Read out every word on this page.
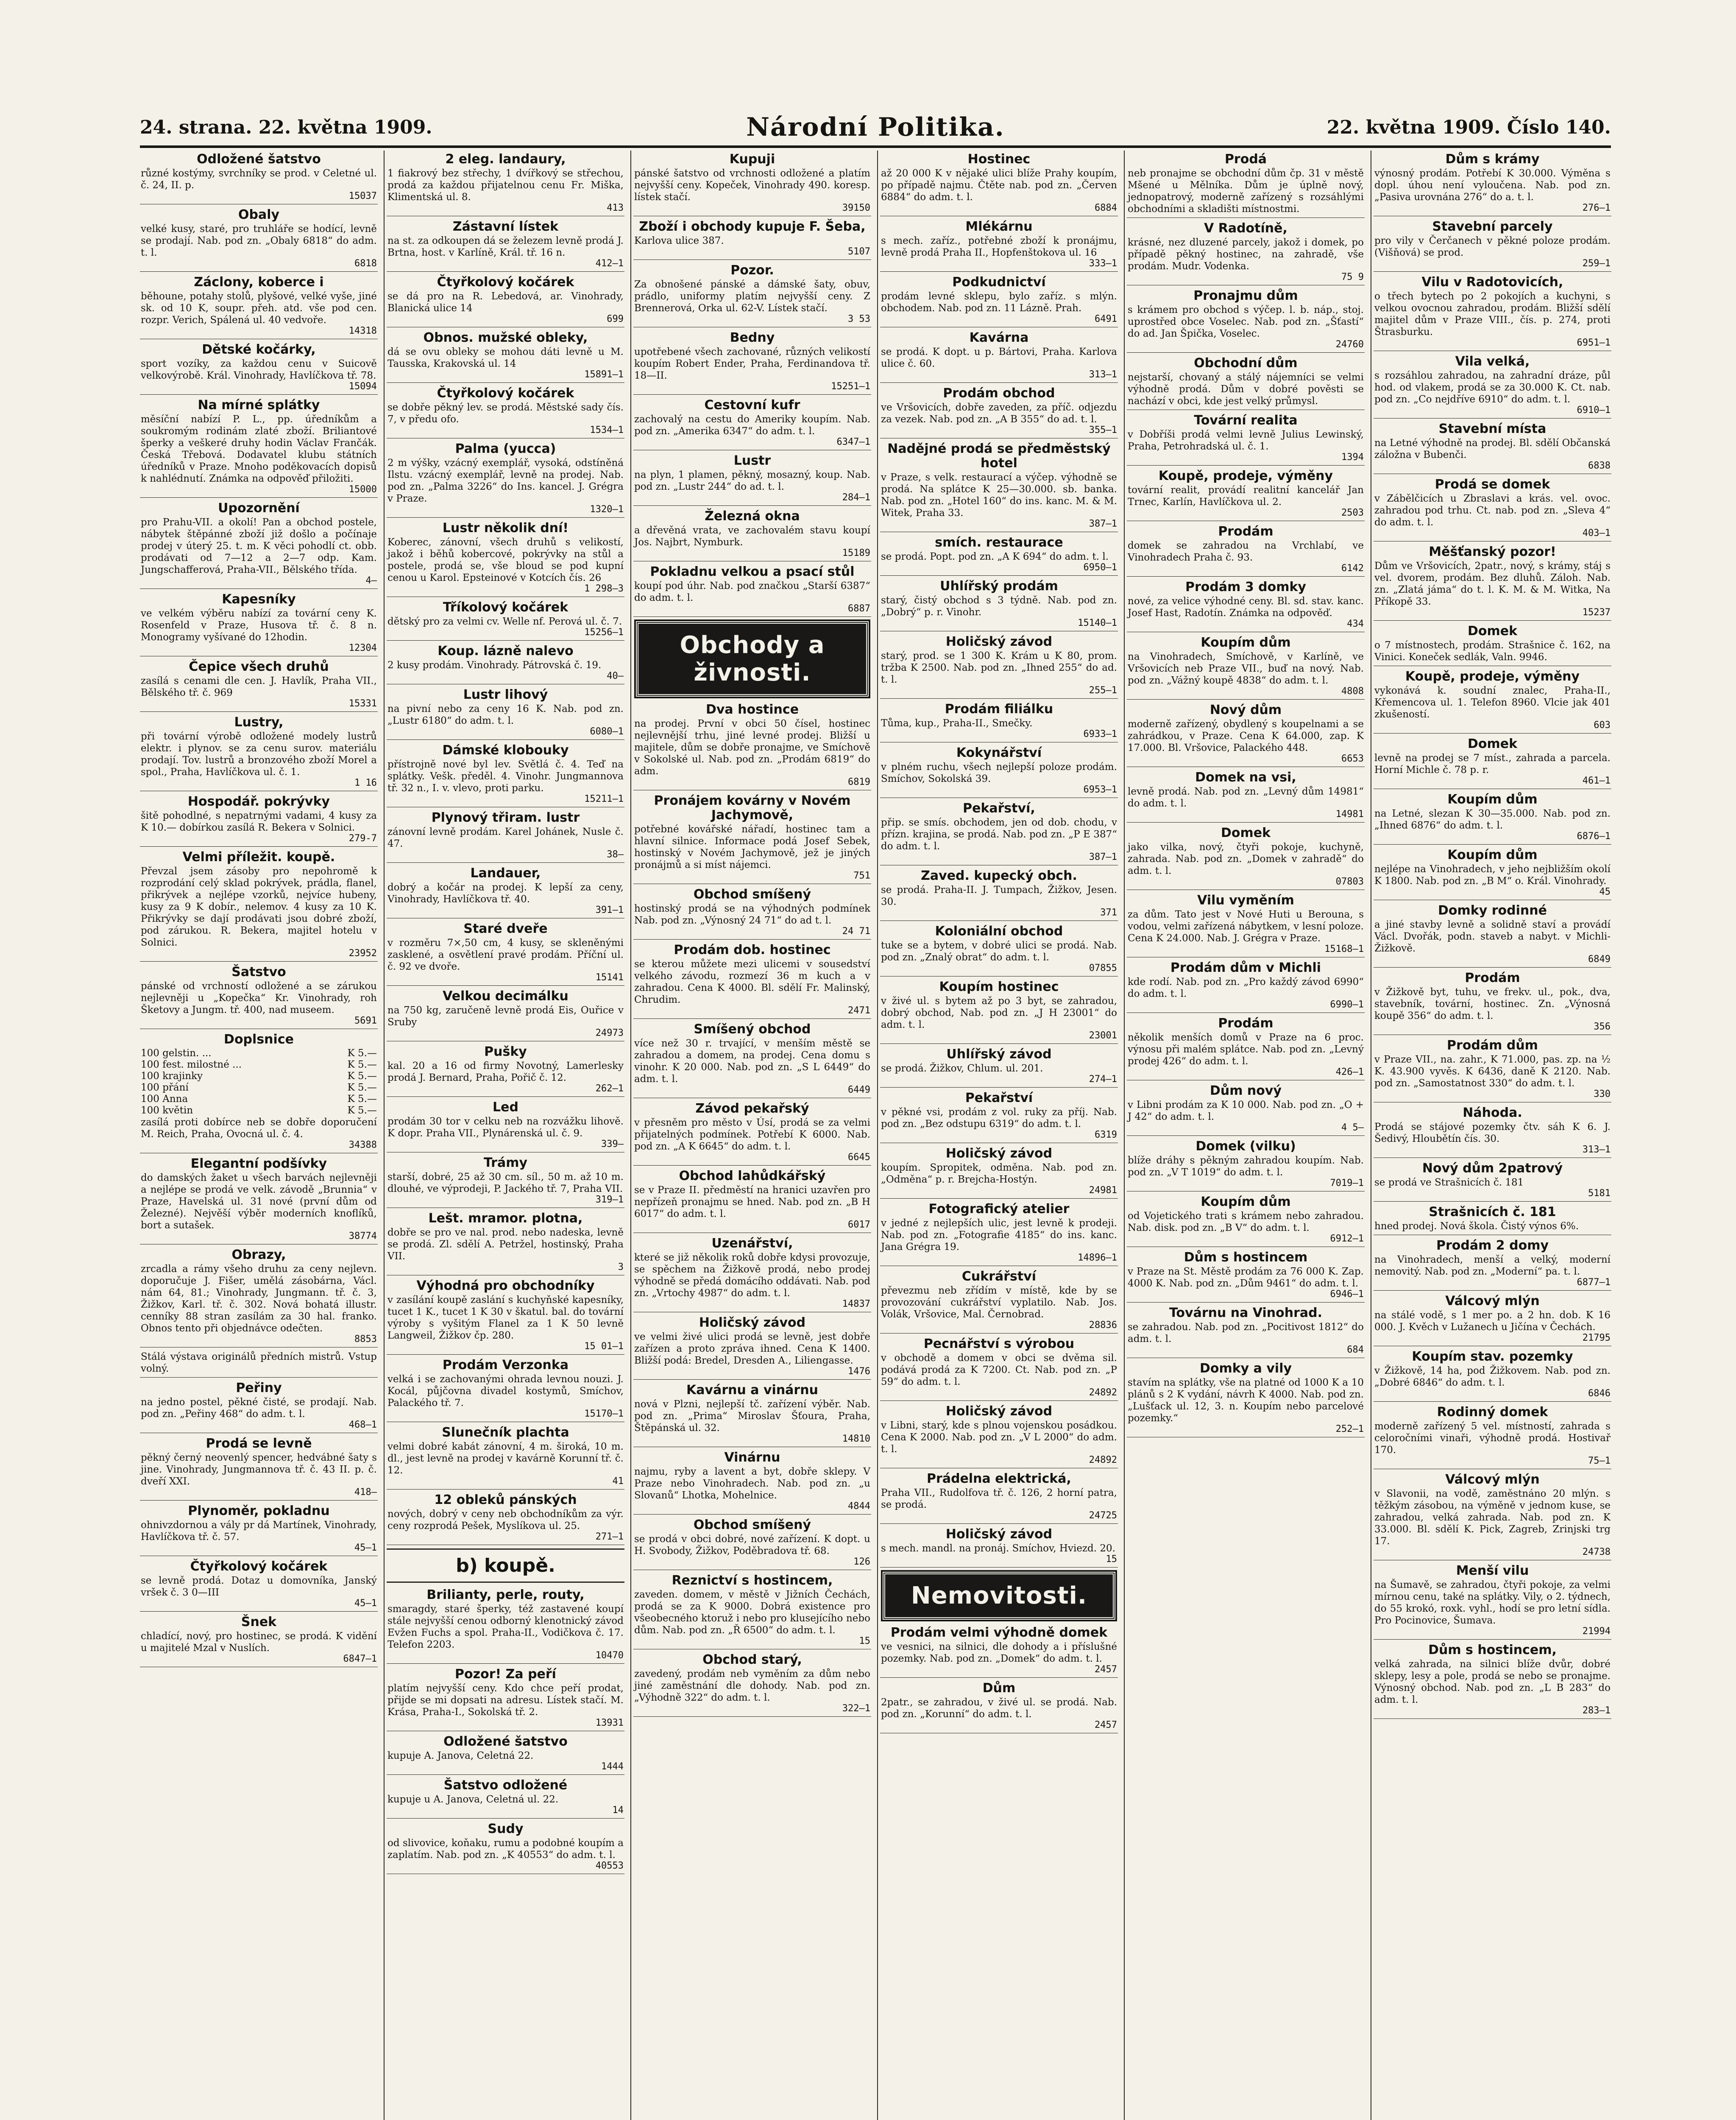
24. strana. 22. května 1909.	Národní Politika.	22. května 1909. Číslo 140.
Odložené šatstvo
různé kostýmy, svrchníky se prod. v Celetné ul. č. 24, II. p.
15037
Obaly
velké kusy, staré, pro truhláře se hodící, levně se prodají. Nab. pod zn. „Obaly 6818“ do adm. t. l.
6818
Záclony, koberce i
běhoune, potahy stolů, plyšové, velké vyše, jiné sk. od 10 K, soupr. přeh. atd. vše pod cen. rozpr. Verich, Spálená ul. 40 vedvoře.
14318
Dětské kočárky,
sport vozíky, za každou cenu v Suicově velkovýrobě. Král. Vinohrady, Havlíčkova tř. 78.
15094
Na mírné splátky
měsíční nabízí P. L., pp. úředníkům a soukromým rodinám zlaté zboží. Briliantové šperky a veškeré druhy hodin Václav Frančák. Česká Třebová. Dodavatel klubu státních úředníků v Praze. Mnoho poděkovacích dopisů k nahlédnutí. Známka na odpověď přiložiti.
15000
Upozornění
pro Prahu-VII. a okolí! Pan a obchod postele, nábytek štěpánné zboží již došlo a počínaje prodej v úterý 25. t. m. K věci pohodlí ct. obb. prodávati od 7—12 a 2—7 odp. Kam. Jungschafferová, Praha-VII., Bělského třída.
4—
Kapesníky
ve velkém výběru nabízí za tovární ceny K. Rosenfeld v Praze, Husova tř. č. 8 n. Monogramy vyšívané do 12hodin.
12304
Čepice všech druhů
zasílá s cenami dle cen. J. Havlík, Praha VII., Bělského tř. č. 969
15331
Lustry,
při tovární výrobě odložené modely lustrů elektr. i plynov. se za cenu surov. materiálu prodají. Tov. lustrů a bronzového zboží Morel a spol., Praha, Havlíčkova ul. č. 1.
1 16
Hospodář. pokrývky
šitě pohodlné, s nepatrnými vadami, 4 kusy za K 10.— dobírkou zasílá R. Bekera v Solnici.
279-7
Velmi příležit. koupě.
Převzal jsem zásoby pro nepohromě k rozprodání celý sklad pokrývek, prádla, flanel, přikrývek a nejlépe vzorků, nejvíce hubeny, kusy za 9 K dobír., nelemov. 4 kusy za 10 K. Přikrývky se dají prodávati jsou dobré zboží, pod zárukou. R. Bekera, majitel hotelu v Solnici.
23952
Šatstvo
pánské od vrchností odložené a se zárukou nejlevněji u „Kopečka“ Kr. Vinohrady, roh Šketovy a Jungm. tř. 400, nad museem.
5691
Doplsnice
100 gelstin. ...	K 5.—
100 fest. milostné ...	K 5.—
100 krajinky	K 5.—
100 přání	K 5.—
100 Anna	K 5.—
100 květin	K 5.—
zasílá proti dobírce neb se dobře doporučení M. Reich, Praha, Ovocná ul. č. 4.
34388
Elegantní podšívky
do damských žaket u všech barvách nejlevněji a nejlépe se prodá ve velk. závodě „Brunnia“ v Praze, Havelská ul. 31 nové (první dům od Železné). Nejvěší výběr moderních knoflíků, bort a sutašek.
38774
Obrazy,
zrcadla a rámy všeho druhu za ceny nejlevn. doporučuje J. Fišer, umělá zásobárna, Václ. nám 64, 81.; Vinohrady, Jungmann. tř. č. 3, Žižkov, Karl. tř. č. 302. Nová bohatá illustr. cenníky 88 stran zasílám za 30 hal. franko. Obnos tento při objednávce odečten.
8853
Stálá výstava originálů předních mistrů. Vstup volný.
Peřiny
na jedno postel, pěkné čisté, se prodají. Nab. pod zn. „Peřiny 468“ do adm. t. l.
468—1
Prodá se levně
pěkný černý neovenlý spencer, hedvábné šaty s jine. Vinohrady, Jungmannova tř. č. 43 II. p. č. dveří XXI.
418—
Plynoměr, pokladnu
ohnivzdornou a vály pr dá Martínek, Vinohrady, Havlíčkova tř. č. 57.
45—1
Čtyřkolový kočárek
se levně prodá. Dotaz u domovníka, Janský vršek č. 3 0—III
45—1
Šnek
chladící, nový, pro hostinec, se prodá. K vidění u majitelé Mzal v Nuslích.
6847—1
2 eleg. landaury,
1 fiakrový bez střechy, 1 dvířkový se střechou, prodá za každou přijatelnou cenu Fr. Miška, Klimentská ul. 8.
413
Zástavní lístek
na st. za odkoupen dá se železem levně prodá J. Brtna, host. v Karlíně, Král. tř. 16 n.
412—1
Čtyřkolový kočárek
se dá pro na R. Lebedová, ar. Vinohrady, Blanická ulice 14
699
Obnos. mužské obleky,
dá se ovu obleky se mohou dáti levně u M. Tausska, Krakovská ul. 14
15891—1
Čtyřkolový kočárek
se dobře pěkný lev. se prodá. Městské sady čís. 7, v předu ofo.
1534—1
Palma (yucca)
2 m výšky, vzácný exemplář, vysoká, odstíněná Ilstu. vzácný exemplář, levně na prodej. Nab. pod zn. „Palma 3226“ do Ins. kancel. J. Grégra v Praze.
1320—1
Lustr několik dní!
Koberec, zánovní, všech druhů s velikostí, jakož i běhů kobercové, pokrývky na stůl a postele, prodá se, vše bloud se pod kupní cenou u Karol. Epsteinové v Kotcích čís. 26
1 298—3
Tříkolový kočárek
dětský pro za velmi cv. Welle nf. Perová ul. č. 7.
15256—1
Koup. lázně nalevo
2 kusy prodám. Vinohrady. Pátrovská č. 19.
40—
Lustr lihový
na pivní nebo za ceny 16 K. Nab. pod zn. „Lustr 6180“ do adm. t. l.
6080—1
Dámské klobouky
přístrojně nové byl lev. Světlá č. 4. Teď na splátky. Vešk. předěl. 4. Vinohr. Jungmannova tř. 32 n., I. v. vlevo, proti parku.
15211—1
Plynový třiram. lustr
zánovní levně prodám. Karel Johánek, Nusle č. 47.
38—
Landauer,
dobrý a kočár na prodej. K lepší za ceny, Vinohrady, Havlíčkova tř. 40.
391—1
Staré dveře
v rozměru 7×,50 cm, 4 kusy, se skleněnými zasklené, a osvětlení pravé prodám. Příční ul. č. 92 ve dvoře.
15141
Velkou decimálku
na 750 kg, zaručeně levně prodá Eis, Ouřice v Sruby
24973
Pušky
kal. 20 a 16 od firmy Novotný, Lamerlesky prodá J. Bernard, Praha, Pořič č. 12.
262—1
Led
prodám 30 tor v celku neb na rozvážku lihově. K dopr. Praha VII., Plynárenská ul. č. 9.
339—
Trámy
starší, dobré, 25 až 30 cm. síl., 50 m. až 10 m. dlouhé, ve výprodeji, P. Jackého tř. 7, Praha VII.
319—1
Lešt. mramor. plotna,
dobře se pro ve nal. prod. nebo nadeska, levně se prodá. Zl. sdělí A. Petržel, hostinský, Praha VII.
3
Výhodná pro obchodníky
v zasílání koupě zaslání s kuchyňské kapesníky, tucet 1 K., tucet 1 K 30 v škatul. bal. do tovární výroby s vyšitým Flanel za 1 K 50 levně Langweil, Žižkov čp. 280.
15 01—1
Prodám Verzonka
velká i se zachovanými ohrada levnou nouzi. J. Kocál, půjčovna divadel kostymů, Smíchov, Palackého tř. 7.
15170—1
Slunečník plachta
velmi dobré kabát zánovní, 4 m. široká, 10 m. dl., jest levně na prodej v kavárně Korunní tř. č. 12.
41
12 obleků pánských
nových, dobrý v ceny neb obchodníkům za výr. ceny rozprodá Pešek, Myslíkova ul. 25.
271—1
b) koupě.
Brilianty, perle, routy,
smaragdy, staré šperky, též zastavené koupí stále nejvyšší cenou odborný klenotnický závod Evžen Fuchs a spol. Praha-II., Vodičkova č. 17. Telefon 2203.
10470
Pozor! Za peří
platím nejvyšší ceny. Kdo chce peří prodat, přijde se mi dopsati na adresu. Lístek stačí. M. Krása, Praha-I., Sokolská tř. 2.
13931
Odložené šatstvo
kupuje A. Janova, Celetná 22.
1444
Šatstvo odložené
kupuje u A. Janova, Celetná ul. 22.
14
Sudy
od slivovice, koňaku, rumu a podobné koupím a zaplatím. Nab. pod zn. „K 40553“ do adm. t. l.
40553
Kupuji
pánské šatstvo od vrchnosti odložené a platím nejvyšší ceny. Kopeček, Vinohrady 490. koresp. lístek stačí.
39150
Zboží i obchody kupuje F. Šeba,
Karlova ulice 387.
5107
Pozor.
Za obnošené pánské a dámské šaty, obuv, prádlo, uniformy platím nejvyšší ceny. Z Brennerová, Orka ul. 62-V. Lístek stačí.
3 53
Bedny
upotřebené všech zachované, různých velikostí koupím Robert Ender, Praha, Ferdinandova tř. 18—II.
15251—1
Cestovní kufr
zachovalý na cestu do Ameriky koupím. Nab. pod zn. „Amerika 6347“ do adm. t. l.
6347—1
Lustr
na plyn, 1 plamen, pěkný, mosazný, koup. Nab. pod zn. „Lustr 244“ do ad. t. l.
284—1
Železná okna
a dřevěná vrata, ve zachovalém stavu koupí Jos. Najbrt, Nymburk.
15189
Pokladnu velkou a psací stůl
koupí pod úhr. Nab. pod značkou „Starší 6387“ do adm. t. l.
6887
Obchody a živnosti.
Dva hostince
na prodej. První v obci 50 čísel, hostinec nejlevnější trhu, jiné levné prodej. Bližší u majitele, dům se dobře pronajme, ve Smíchově v Sokolské ul. Nab. pod zn. „Prodám 6819“ do adm.
6819
Pronájem kovárny v Novém Jachymově,
potřebné kovářské nářadí, hostinec tam a hlavní silnice. Informace podá Josef Sebek, hostinský v Novém Jachymově, jež je jiných pronájmů a si míst nájemci.
751
Obchod smíšený
hostinský prodá se na výhodných podmínek Nab. pod zn. „Výnosný 24 71“ do ad t. l.
24 71
Prodám dob. hostinec
se kterou můžete mezi ulicemi v sousedství velkého závodu, rozmezí 36 m kuch a v zahradou. Cena K 4000. Bl. sdělí Fr. Malinský, Chrudim.
2471
Smíšený obchod
více než 30 r. trvající, v menším městě se zahradou a domem, na prodej. Cena domu s vinohr. K 20 000. Nab. pod zn. „S L 6449“ do adm. t. l.
6449
Závod pekařský
v přesněm pro město v Úsí, prodá se za velmi přijatelných podmínek. Potřebí K 6000. Nab. pod zn. „A K 6645“ do adm. t. l.
6645
Obchod lahůdkářský
se v Praze II. předměstí na hranici uzavřen pro nepřízeň pronajmu se hned. Nab. pod zn. „B H 6017“ do adm. t. l.
6017
Uzenářství,
které se již několik roků dobře kdysi provozuje, se spěchem na Žižkově prodá, nebo prodej výhodně se předá domácího oddávati. Nab. pod zn. „Vrtochy 4987“ do adm. t. l.
14837
Holičský závod
ve velmi živé ulici prodá se levně, jest dobře zařízen a proto zpráva ihned. Cena K 1400. Bližší podá: Bredel, Dresden A., Liliengasse.
1476
Kavárnu a vinárnu
nová v Plzni, nejlepší tč. zařízení výběr. Nab. pod zn. „Prima“ Miroslav Šťoura, Praha, Štěpánská ul. 32.
14810
Vinárnu
najmu, ryby a lavent a byt, dobře sklepy. V Praze nebo Vinohradech. Nab. pod zn. „u Slovanů“ Lhotka, Mohelnice.
4844
Obchod smíšený
se prodá v obci dobré, nové zařízení. K dopt. u H. Svobody, Žižkov, Poděbradova tř. 68.
126
Reznictví s hostincem,
zaveden. domem, v městě v Jižních Čechách, prodá se za K 9000. Dobrá existence pro všeobecného ktoruž i nebo pro klusejícího nebo dům. Nab. pod zn. „Ř 6500“ do adm. t. l.
15
Obchod starý,
zavedený, prodám neb vyměním za dům nebo jiné zaměstnání dle dohody. Nab. pod zn. „Výhodně 322“ do adm. t. l.
322—1
Hostinec
až 20 000 K v nějaké ulici blíže Prahy koupím, po případě najmu. Čtěte nab. pod zn. „Červen 6884“ do adm. t. l.
6884
Mlékárnu
s mech. zaříz., potřebné zboží k pronájmu, levně prodá Praha II., Hopfenštokova ul. 16
333—1
Podkudnictví
prodám levné sklepu, bylo zaříz. s mlýn. obchodem. Nab. pod zn. 11 Lázně. Prah.
6491
Kavárna
se prodá. K dopt. u p. Bártovi, Praha. Karlova ulice č. 60.
313—1
Prodám obchod
ve Vršovicích, dobře zaveden, za příč. odjezdu za vezek. Nab. pod zn. „A B 355“ do ad. t. l.
355—1
Nadějné prodá se předměstský hotel
v Praze, s velk. restaurací a výčep. výhodně se prodá. Na splátce K 25—30.000. sb. banka. Nab. pod zn. „Hotel 160“ do ins. kanc. M. & M. Witek, Praha 33.
387—1
smích. restaurace
se prodá. Popt. pod zn. „A K 694“ do adm. t. l.
6950—1
Uhlířský prodám
starý, čistý obchod s 3 týdně. Nab. pod zn. „Dobrý“ p. r. Vinohr.
15140—1
Holičský závod
starý, prod. se 1 300 K. Krám u K 80, prom. tržba K 2500. Nab. pod zn. „Ihned 255“ do ad. t. l.
255—1
Prodám filiálku
Tůma, kup., Praha-II., Smečky.
6933—1
Kokynářství
v plném ruchu, všech nejlepší poloze prodám. Smíchov, Sokolská 39.
6953—1
Pekařství,
přip. se smís. obchodem, jen od dob. chodu, v přízn. krajina, se prodá. Nab. pod zn. „P E 387“ do adm. t. l.
387—1
Zaved. kupecký obch.
se prodá. Praha-II. J. Tumpach, Žižkov, Jesen. 30.
371
Koloniální obchod
tuke se a bytem, v dobré ulici se prodá. Nab. pod zn. „Znalý obrat“ do adm. t. l.
07855
Koupím hostinec
v živé ul. s bytem až po 3 byt, se zahradou, dobrý obchod, Nab. pod zn. „J H 23001“ do adm. t. l.
23001
Uhlířský závod
se prodá. Žižkov, Chlum. ul. 201.
274—1
Pekařství
v pěkné vsi, prodám z vol. ruky za příj. Nab. pod zn. „Bez odstupu 6319“ do adm. t. l.
6319
Holičský závod
koupím. Spropitek, odměna. Nab. pod zn. „Odměna“ p. r. Brejcha-Hostýn.
24981
Fotografický atelier
v jedné z nejlepších ulic, jest levně k prodeji. Nab. pod zn. „Fotografie 4185“ do ins. kanc. Jana Grégra 19.
14896—1
Cukrářství
převezmu neb zřídím v místě, kde by se provozování cukrářství vyplatilo. Nab. Jos. Volák, Vršovice, Mal. Černobrad.
28836
Pecnářství s výrobou
v obchodě a domem v obci se dvěma sil. podává prodá za K 7200. Ct. Nab. pod zn. „P 59“ do adm. t. l.
24892
Holičský závod
v Libni, starý, kde s plnou vojenskou posádkou. Cena K 2000. Nab. pod zn. „V L 2000“ do adm. t. l.
24892
Prádelna elektrická,
Praha VII., Rudolfova tř. č. 126, 2 horní patra, se prodá.
24725
Holičský závod
s mech. mandl. na pronáj. Smíchov, Hviezd. 20.
15
Nemovitosti.
Prodám velmi výhodně domek
ve vesnici, na silnici, dle dohody a i příslušné pozemky. Nab. pod zn. „Domek“ do adm. t. l.
2457
Dům
2patr., se zahradou, v živé ul. se prodá. Nab. pod zn. „Korunní“ do adm. t. l.
2457
Prodá
neb pronajme se obchodní dům čp. 31 v městě Mšené u Mělníka. Dům je úplně nový, jednopatrový, moderně zařízený s rozsáhlými obchodními a skladišti místnostmi.
V Radotíně,
krásné, nez dluzené parcely, jakož i domek, po případě pěkný hostinec, na zahradě, vše prodám. Mudr. Vodenka.
75 9
Pronajmu dům
s krámem pro obchod s výčep. l. b. náp., stoj. uprostřed obce Voselec. Nab. pod zn. „Šťastí“ do ad. Jan Špička, Voselec.
24760
Obchodní dům
nejstarší, chovaný a stálý nájemníci se velmi výhodně prodá. Dům v dobré pověsti se nachází v obci, kde jest velký průmysl.
Tovární realita
v Dobříši prodá velmi levně Julius Lewinský, Praha, Petrohradská ul. č. 1.
1394
Koupě, prodeje, výměny
tovární realit, provádí realitní kancelář Jan Trnec, Karlín, Havlíčkova ul. 2.
2503
Prodám
domek se zahradou na Vrchlabí, ve Vinohradech Praha č. 93.
6142
Prodám 3 domky
nové, za velice výhodné ceny. Bl. sd. stav. kanc. Josef Hast, Radotín. Známka na odpověď.
434
Koupím dům
na Vinohradech, Smíchově, v Karlíně, ve Vršovicích neb Praze VII., buď na nový. Nab. pod zn. „Vážný koupě 4838“ do adm. t. l.
4808
Nový dům
moderně zařízený, obydlený s koupelnami a se zahrádkou, v Praze. Cena K 64.000, zap. K 17.000. Bl. Vršovice, Palackého 448.
6653
Domek na vsi,
levně prodá. Nab. pod zn. „Levný dům 14981“ do adm. t. l.
14981
Domek
jako vilka, nový, čtyři pokoje, kuchyně, zahrada. Nab. pod zn. „Domek v zahradě“ do adm. t. l.
07803
Vilu vyměním
za dům. Tato jest v Nové Huti u Berouna, s vodou, velmi zařízená nábytkem, v lesní poloze. Cena K 24.000. Nab. J. Grégra v Praze.
15168—1
Prodám dům v Michli
kde rodí. Nab. pod zn. „Pro každý závod 6990“ do adm. t. l.
6990—1
Prodám
několik menších domů v Praze na 6 proc. výnosu při malém splátce. Nab. pod zn. „Levný prodej 426“ do adm. t. l.
426—1
Dům nový
v Libni prodám za K 10 000. Nab. pod zn. „O + J 42“ do adm. t. l.
4 5—
Domek (vilku)
blíže dráhy s pěkným zahradou koupím. Nab. pod zn. „V T 1019“ do adm. t. l.
7019—1
Koupím dům
od Vojetického trati s krámem nebo zahradou. Nab. disk. pod zn. „B V“ do adm. t. l.
6912—1
Dům s hostincem
v Praze na St. Městě prodám za 76 000 K. Zap. 4000 K. Nab. pod zn. „Dům 9461“ do adm. t. l.
6946—1
Továrnu na Vinohrad.
se zahradou. Nab. pod zn. „Pocitivost 1812“ do adm. t. l.
684
Domky a vily
stavím na splátky, vše na platné od 1000 K a 10 plánů s 2 K vydání, návrh K 4000. Nab. pod zn. „Lušťack ul. 12, 3. n. Koupím nebo parcelové pozemky.“
252—1
Dům s krámy
výnosný prodám. Potřebí K 30.000. Výměna s dopl. úhou není vyloučena. Nab. pod zn. „Pasiva urovnána 276“ do a. t. l.
276—1
Stavební parcely
pro vily v Čerčanech v pěkné poloze prodám. (Višňová) se prod.
259—1
Vilu v Radotovicích,
o třech bytech po 2 pokojích a kuchyni, s velkou ovocnou zahradou, prodám. Bližší sdělí majitel dům v Praze VIII., čís. p. 274, proti Štrasburku.
6951—1
Vila velká,
s rozsáhlou zahradou, na zahradní dráze, půl hod. od vlakem, prodá se za 30.000 K. Ct. nab. pod zn. „Co nejdříve 6910“ do adm. t. l.
6910—1
Stavební místa
na Letné výhodně na prodej. Bl. sdělí Občanská záložna v Bubenči.
6838
Prodá se domek
v Zábělčicích u Zbraslavi a krás. vel. ovoc. zahradou pod trhu. Ct. nab. pod zn. „Sleva 4“ do adm. t. l.
403—1
Měšťanský pozor!
Dům ve Vršovicích, 2patr., nový, s krámy, stáj s vel. dvorem, prodám. Bez dluhů. Záloh. Nab. zn. „Zlatá jáma“ do t. l. K. M. & M. Witka, Na Příkopě 33.
15237
Domek
o 7 místnostech, prodám. Strašnice č. 162, na Vinici. Koneček sedlák, Valn. 9946.
Koupě, prodeje, výměny
vykonává k. soudní znalec, Praha-II., Křemencova ul. 1. Telefon 8960. Vlcie jak 401 zkušeností.
603
Domek
levně na prodej se 7 míst., zahrada a parcela. Horní Michle č. 78 p. r.
461—1
Koupím dům
na Letné, slezan K 30—35.000. Nab. pod zn. „Ihned 6876“ do adm. t. l.
6876—1
Koupím dům
nejlépe na Vinohradech, v jeho nejbližším okolí K 1800. Nab. pod zn. „B M“ o. Král. Vinohrady.
45
Domky rodinné
a jiné stavby levně a solidně staví a provádí Václ. Dvořák, podn. staveb a nabyt. v Michli-Žižkově.
6849
Prodám
v Žižkově byt, tuhu, ve frekv. ul., pok., dva, stavebník, tovární, hostinec. Zn. „Výnosná koupě 356“ do adm. t. l.
356
Prodám dům
v Praze VII., na. zahr., K 71.000, pas. zp. na ½ K. 43.900 vyvěs. K 6436, daně K 2120. Nab. pod zn. „Samostatnost 330“ do adm. t. l.
330
Náhoda.
Prodá se stájové pozemky čtv. sáh K 6. J. Šedivý, Hloubětín čís. 30.
313—1
Nový dům 2patrový
se prodá ve Strašnicích č. 181
5181
Strašnicích č. 181
hned prodej. Nová škola. Čistý výnos 6%.
Prodám 2 domy
na Vinohradech, menší a velký, moderní nemovitý. Nab. pod zn. „Moderní“ pa. t. l.
6877—1
Válcový mlýn
na stálé vodě, s 1 mer po. a 2 hn. dob. K 16 000. J. Kvěch v Lužanech u Jičína v Čechách.
21795
Koupím stav. pozemky
v Žižkově, 14 ha, pod Žižkovem. Nab. pod zn. „Dobré 6846“ do adm. t. l.
6846
Rodinný domek
moderně zařízený 5 vel. místností, zahrada s celoročními vinaři, výhodně prodá. Hostivař 170.
75—1
Válcový mlýn
v Slavonii, na vodě, zaměstnáno 20 mlýn. s těžkým zásobou, na výměně v jednom kuse, se zahradou, velká zahrada. Nab. pod zn. K 33.000. Bl. sdělí K. Pick, Zagreb, Zrinjski trg 17.
24738
Menší vilu
na Šumavě, se zahradou, čtyři pokoje, za velmi mírnou cenu, také na splátky. Vily, o 2. týdnech, do 55 krokó, roxk. vyhl., hodí se pro letní sídla. Pro Pocinovice, Šumava.
21994
Dům s hostincem,
velká zahrada, na silnici blíže dvůr, dobré sklepy, lesy a pole, prodá se nebo se pronajme. Výnosný obchod. Nab. pod zn. „L B 283“ do adm. t. l.
283—1
